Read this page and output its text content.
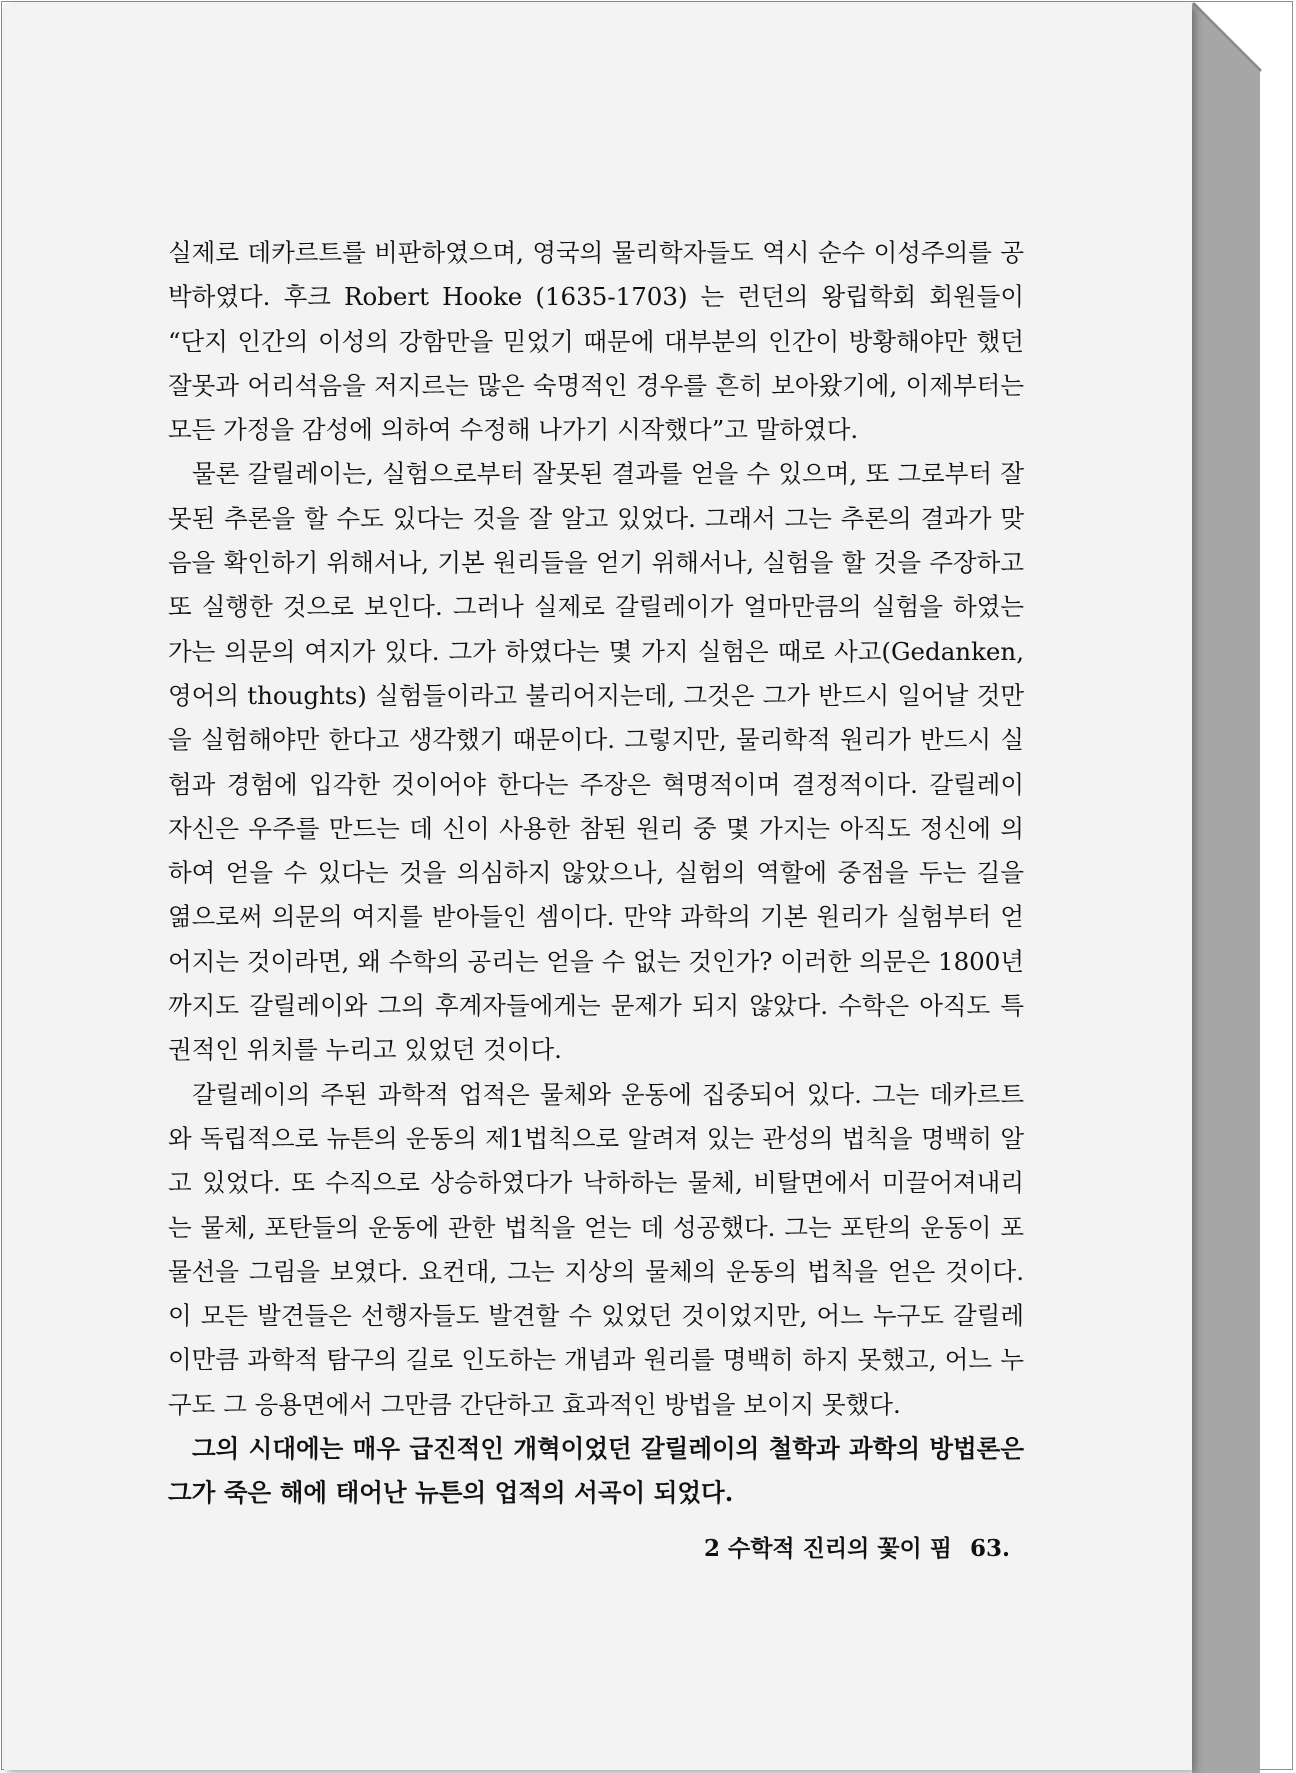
실제로 데카르트를 비판하였으며, 영국의 물리학자들도 역시 순수 이성주의를 공박하였다. 후크 Robert Hooke (1635-1703) 는 런던의 왕립학회 회원들이 “단지 인간의 이성의 강함만을 믿었기 때문에 대부분의 인간이 방황해야만 했던 잘못과 어리석음을 저지르는 많은 숙명적인 경우를 흔히 보아왔기에, 이제부터는 모든 가정을 감성에 의하여 수정해 나가기 시작했다”고 말하였다.

물론 갈릴레이는, 실험으로부터 잘못된 결과를 얻을 수 있으며, 또 그로부터 잘못된 추론을 할 수도 있다는 것을 잘 알고 있었다. 그래서 그는 추론의 결과가 맞음을 확인하기 위해서나, 기본 원리들을 얻기 위해서나, 실험을 할 것을 주장하고 또 실행한 것으로 보인다. 그러나 실제로 갈릴레이가 얼마만큼의 실험을 하였는가는 의문의 여지가 있다. 그가 하였다는 몇 가지 실험은 때로 사고(Gedanken, 영어의 thoughts) 실험들이라고 불리어지는데, 그것은 그가 반드시 일어날 것만을 실험해야만 한다고 생각했기 때문이다. 그렇지만, 물리학적 원리가 반드시 실험과 경험에 입각한 것이어야 한다는 주장은 혁명적이며 결정적이다. 갈릴레이 자신은 우주를 만드는 데 신이 사용한 참된 원리 중 몇 가지는 아직도 정신에 의하여 얻을 수 있다는 것을 의심하지 않았으나, 실험의 역할에 중점을 두는 길을 엶으로써 의문의 여지를 받아들인 셈이다. 만약 과학의 기본 원리가 실험부터 얻어지는 것이라면, 왜 수학의 공리는 얻을 수 없는 것인가? 이러한 의문은 1800년까지도 갈릴레이와 그의 후계자들에게는 문제가 되지 않았다. 수학은 아직도 특권적인 위치를 누리고 있었던 것이다.

갈릴레이의 주된 과학적 업적은 물체와 운동에 집중되어 있다. 그는 데카르트와 독립적으로 뉴튼의 운동의 제1법칙으로 알려져 있는 관성의 법칙을 명백히 알고 있었다. 또 수직으로 상승하였다가 낙하하는 물체, 비탈면에서 미끌어져내리는 물체, 포탄들의 운동에 관한 법칙을 얻는 데 성공했다. 그는 포탄의 운동이 포물선을 그림을 보였다. 요컨대, 그는 지상의 물체의 운동의 법칙을 얻은 것이다. 이 모든 발견들은 선행자들도 발견할 수 있었던 것이었지만, 어느 누구도 갈릴레이만큼 과학적 탐구의 길로 인도하는 개념과 원리를 명백히 하지 못했고, 어느 누구도 그 응용면에서 그만큼 간단하고 효과적인 방법을 보이지 못했다.

그의 시대에는 매우 급진적인 개혁이었던 갈릴레이의 철학과 과학의 방법론은 그가 죽은 해에 태어난 뉴튼의 업적의 서곡이 되었다.

2 수학적 진리의 꽃이 핌 63.
